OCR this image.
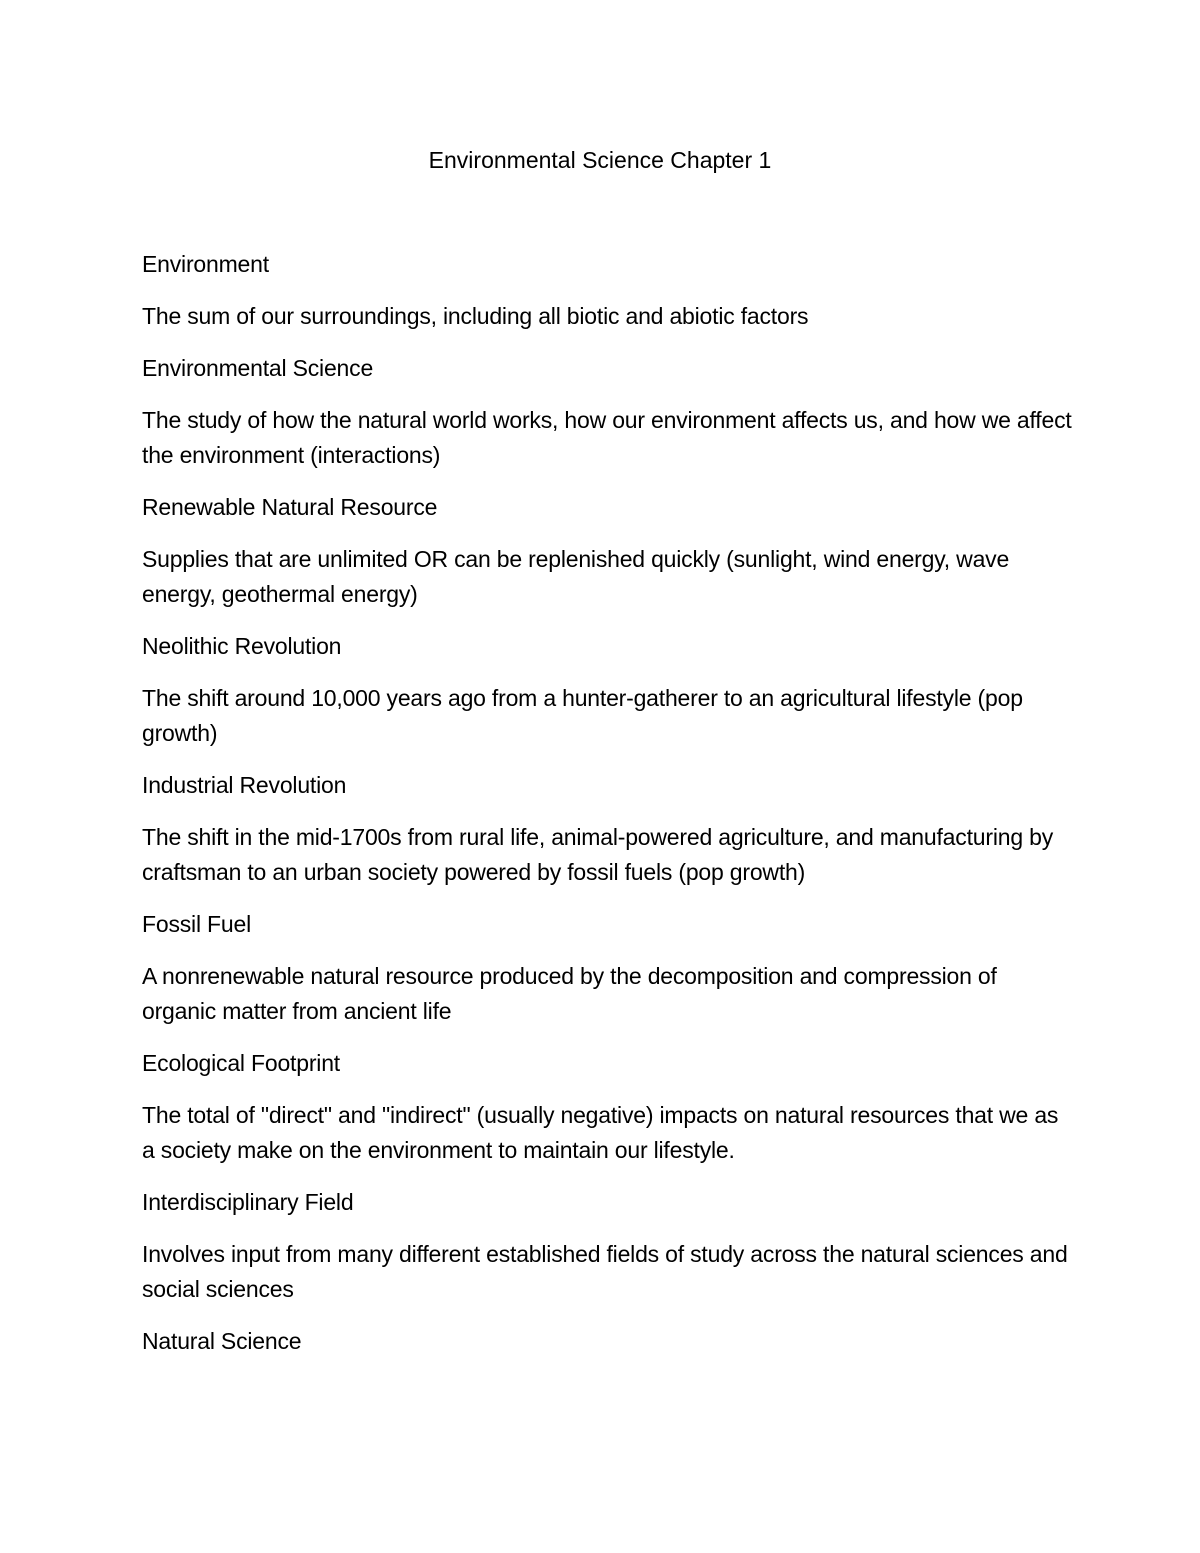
Environmental Science Chapter 1

Environment

The sum of our surroundings, including all biotic and abiotic factors

Environmental Science

The study of how the natural world works, how our environment affects us, and how we affect the environment (interactions)

Renewable Natural Resource

Supplies that are unlimited OR can be replenished quickly (sunlight, wind energy, wave energy, geothermal energy)

Neolithic Revolution

The shift around 10,000 years ago from a hunter-gatherer to an agricultural lifestyle (pop growth)

Industrial Revolution

The shift in the mid-1700s from rural life, animal-powered agriculture, and manufacturing by craftsman to an urban society powered by fossil fuels (pop growth)

Fossil Fuel

A nonrenewable natural resource produced by the decomposition and compression of organic matter from ancient life

Ecological Footprint

The total of "direct" and "indirect" (usually negative) impacts on natural resources that we as a society make on the environment to maintain our lifestyle.

Interdisciplinary Field

Involves input from many different established fields of study across the natural sciences and social sciences

Natural Science
